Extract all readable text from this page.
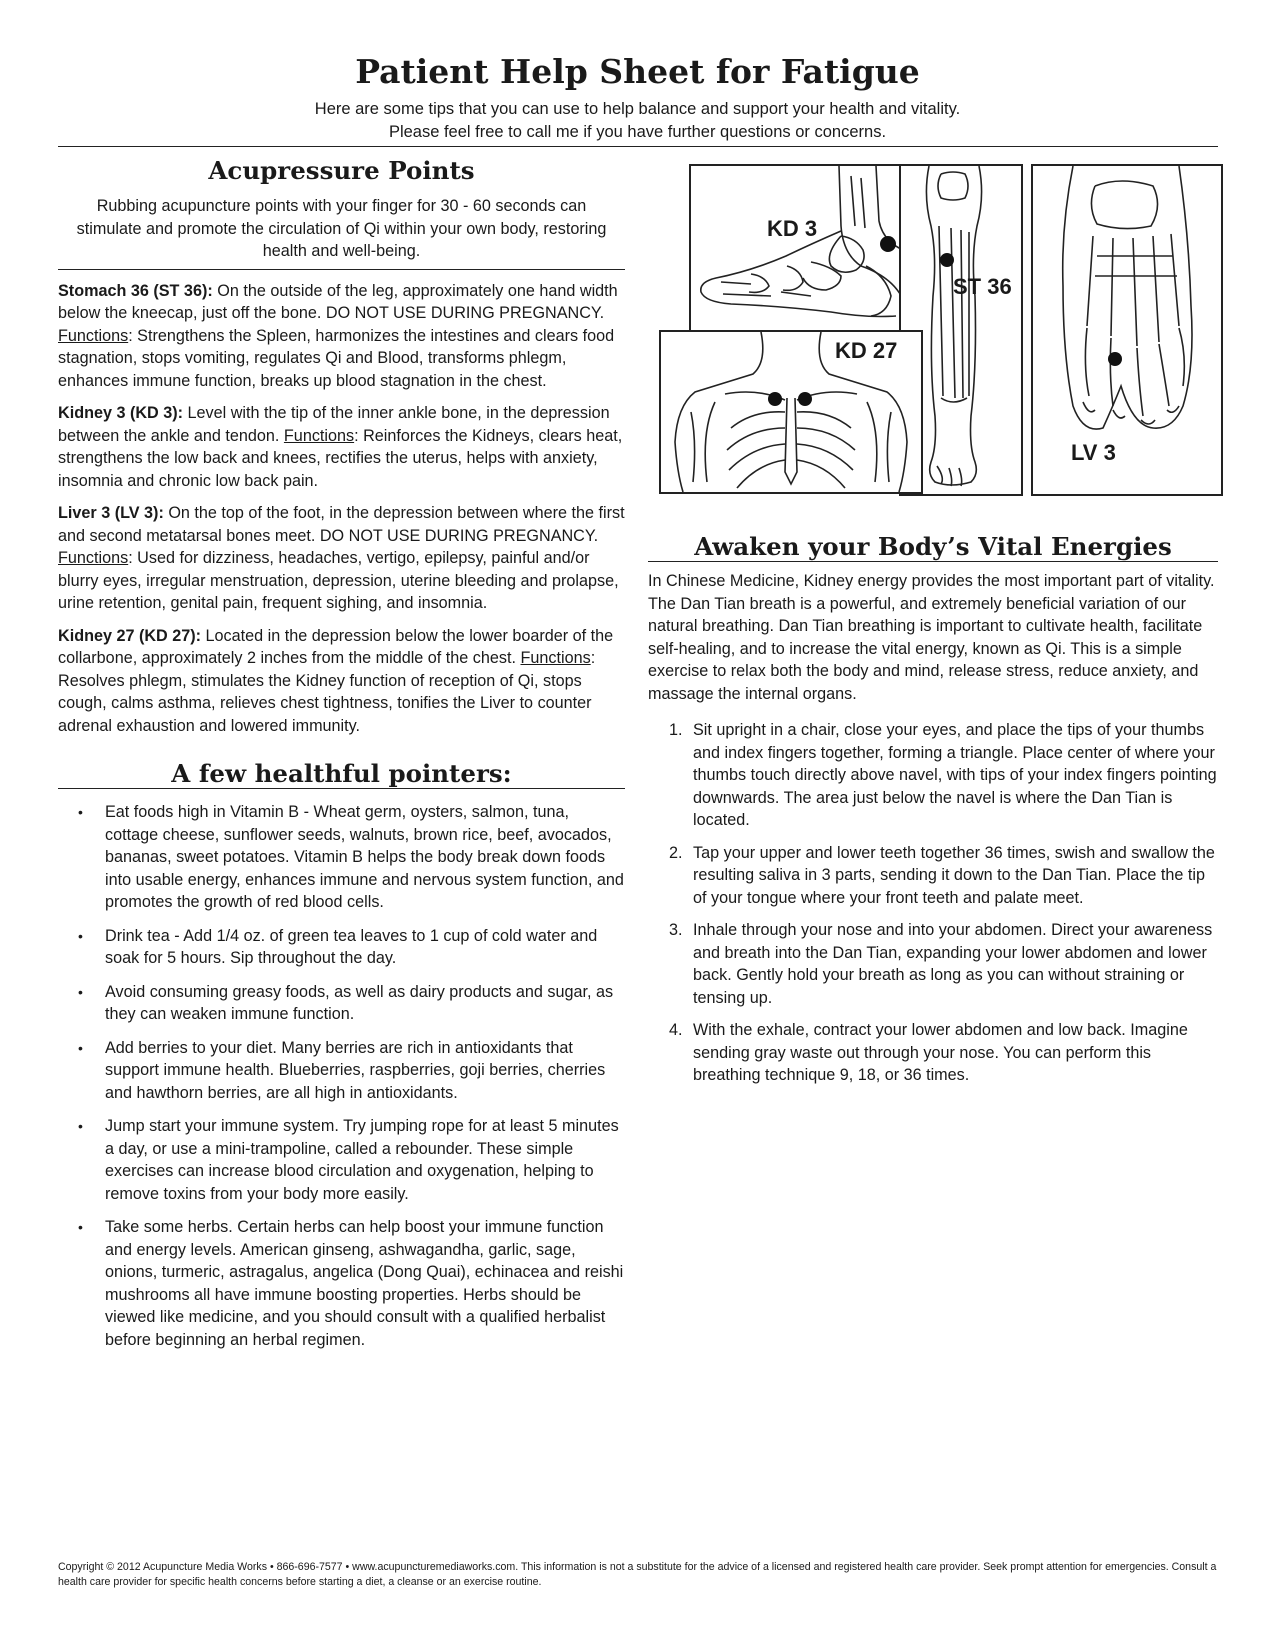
Patient Help Sheet for Fatigue

Here are some tips that you can use to help balance and support your health and vitality.

Please feel free to call me if you have further questions or concerns.

Acupressure Points

Rubbing acupuncture points with your finger for 30 - 60 seconds can stimulate and promote the circulation of Qi within your own body, restoring health and well-being.

Stomach 36 (ST 36): On the outside of the leg, approximately one hand width below the kneecap, just off the bone. DO NOT USE DURING PREGNANCY. Functions: Strengthens the Spleen, harmonizes the intestines and clears food stagnation, stops vomiting, regulates Qi and Blood, transforms phlegm, enhances immune function, breaks up blood stagnation in the chest.

Kidney 3 (KD 3): Level with the tip of the inner ankle bone, in the depression between the ankle and tendon. Functions: Reinforces the Kidneys, clears heat, strengthens the low back and knees, rectifies the uterus, helps with anxiety, insomnia and chronic low back pain.

Liver 3 (LV 3): On the top of the foot, in the depression between where the first and second metatarsal bones meet. DO NOT USE DURING PREGNANCY. Functions: Used for dizziness, headaches, vertigo, epilepsy, painful and/or blurry eyes, irregular menstruation, depression, uterine bleeding and prolapse, urine retention, genital pain, frequent sighing, and insomnia.

Kidney 27 (KD 27): Located in the depression below the lower boarder of the collarbone, approximately 2 inches from the middle of the chest. Functions: Resolves phlegm, stimulates the Kidney function of reception of Qi, stops cough, calms asthma, relieves chest tightness, tonifies the Liver to counter adrenal exhaustion and lowered immunity.

A few healthful pointers:
• Eat foods high in Vitamin B - Wheat germ, oysters, salmon, tuna, cottage cheese, sunflower seeds, walnuts, brown rice, beef, avocados, bananas, sweet potatoes. Vitamin B helps the body break down foods into usable energy, enhances immune and nervous system function, and promotes the growth of red blood cells.
• Drink tea - Add 1/4 oz. of green tea leaves to 1 cup of cold water and soak for 5 hours. Sip throughout the day.
• Avoid consuming greasy foods, as well as dairy products and sugar, as they can weaken immune function.
• Add berries to your diet. Many berries are rich in antioxidants that support immune health. Blueberries, raspberries, goji berries, cherries and hawthorn berries, are all high in antioxidants.
• Jump start your immune system. Try jumping rope for at least 5 minutes a day, or use a mini-trampoline, called a rebounder. These simple exercises can increase blood circulation and oxygenation, helping to remove toxins from your body more easily.
• Take some herbs. Certain herbs can help boost your immune function and energy levels. American ginseng, ashwagandha, garlic, sage, onions, turmeric, astragalus, angelica (Dong Quai), echinacea and reishi mushrooms all have immune boosting properties. Herbs should be viewed like medicine, and you should consult with a qualified herbalist before beginning an herbal regimen.
KD 3
ST 36
LV 3
KD 27
Awaken your Body’s Vital Energies

In Chinese Medicine, Kidney energy provides the most important part of vitality. The Dan Tian breath is a powerful, and extremely beneficial variation of our natural breathing. Dan Tian breathing is important to cultivate health, facilitate self-healing, and to increase the vital energy, known as Qi. This is a simple exercise to relax both the body and mind, release stress, reduce anxiety, and massage the internal organs.

1. Sit upright in a chair, close your eyes, and place the tips of your thumbs and index fingers together, forming a triangle. Place center of where your thumbs touch directly above navel, with tips of your index fingers pointing downwards. The area just below the navel is where the Dan Tian is located.
2. Tap your upper and lower teeth together 36 times, swish and swallow the resulting saliva in 3 parts, sending it down to the Dan Tian. Place the tip of your tongue where your front teeth and palate meet.
3. Inhale through your nose and into your abdomen. Direct your awareness and breath into the Dan Tian, expanding your lower abdomen and lower back. Gently hold your breath as long as you can without straining or tensing up.
4. With the exhale, contract your lower abdomen and low back. Imagine sending gray waste out through your nose. You can perform this breathing technique 9, 18, or 36 times.

Copyright © 2012 Acupuncture Media Works • 866-696-7577 • www.acupuncturemediaworks.com. This information is not a substitute for the advice of a licensed and registered health care provider. Seek prompt attention for emergencies. Consult a health care provider for specific health concerns before starting a diet, a cleanse or an exercise routine.
